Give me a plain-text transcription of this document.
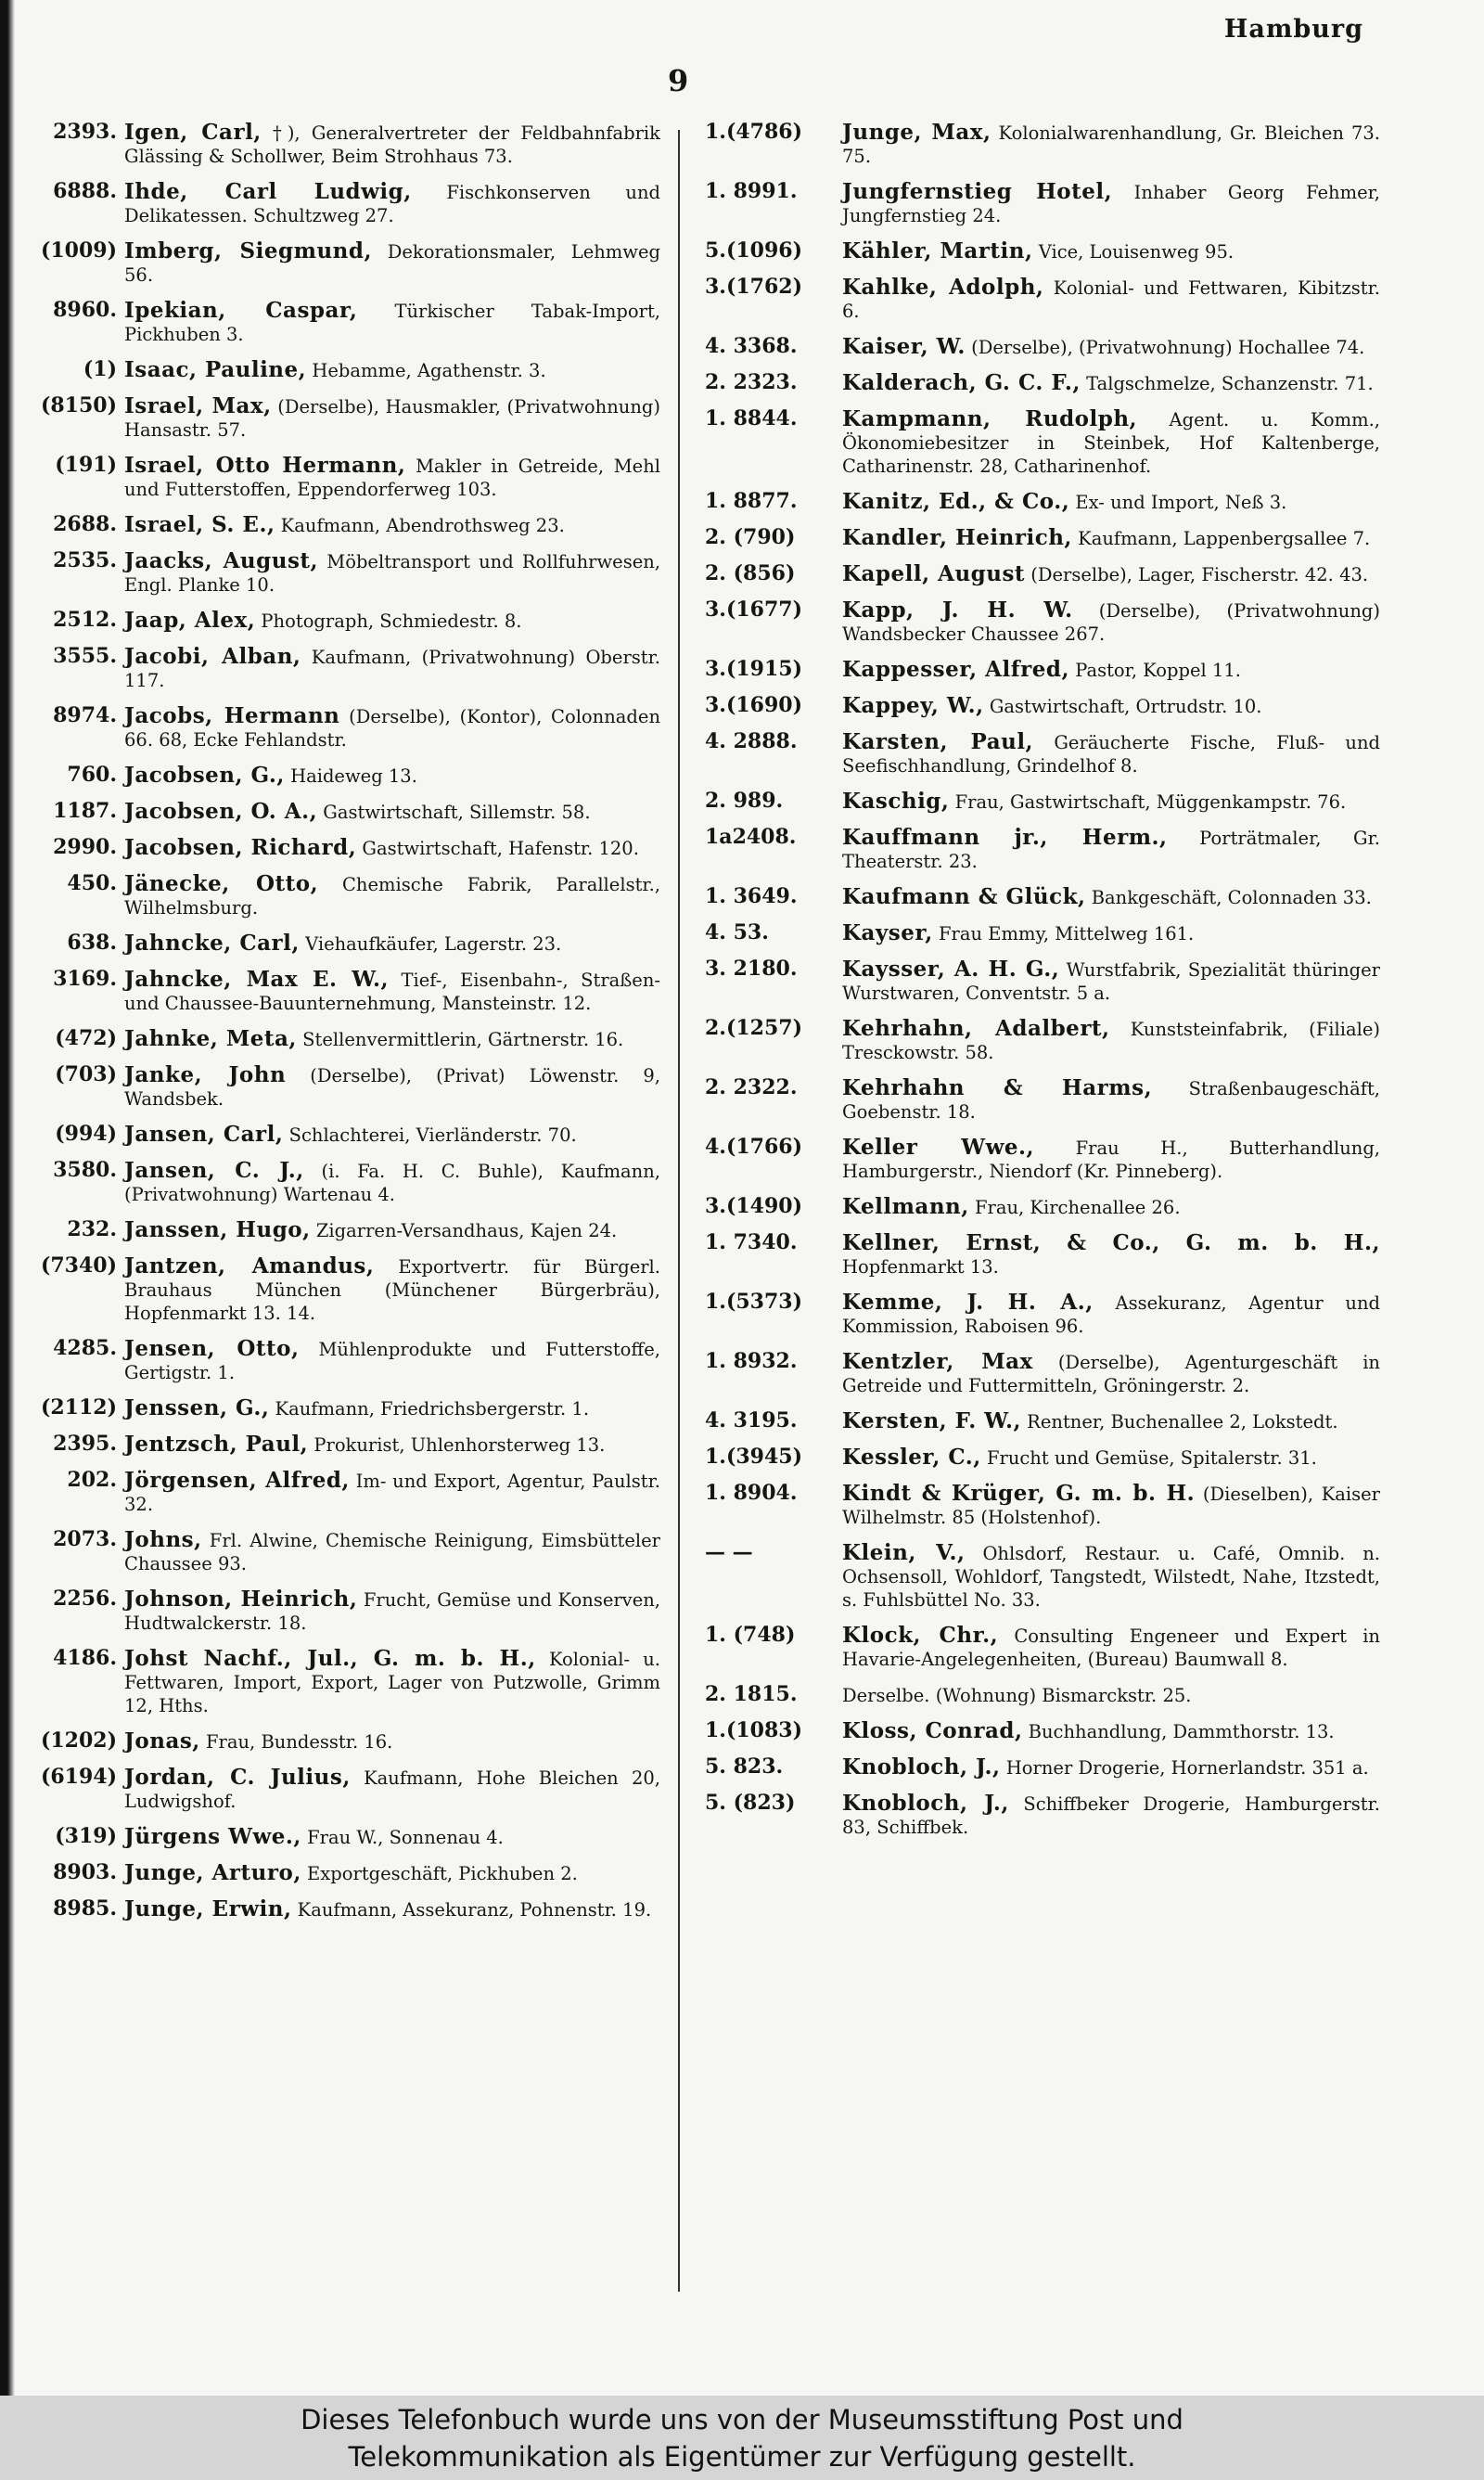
Hamburg
9
2393. Igen, Carl, †), Generalvertreter der Feldbahnfabrik Glässing & Schollwer, Beim Strohhaus 73.
6888. Ihde, Carl Ludwig, Fischkonserven und Delikatessen. Schultzweg 27.
(1009) Imberg, Siegmund, Dekorationsmaler, Lehmweg 56.
8960. Ipekian, Caspar, Türkischer Tabak-Import, Pickhuben 3.
(1) Isaac, Pauline, Hebamme, Agathenstr. 3.
(8150) Israel, Max, (Derselbe), Hausmakler, (Privatwohnung) Hansastr. 57.
(191) Israel, Otto Hermann, Makler in Getreide, Mehl und Futterstoffen, Eppendorferweg 103.
2688. Israel, S. E., Kaufmann, Abendrothsweg 23.
2535. Jaacks, August, Möbeltransport und Rollfuhrwesen, Engl. Planke 10.
2512. Jaap, Alex, Photograph, Schmiedestr. 8.
3555. Jacobi, Alban, Kaufmann, (Privatwohnung) Oberstr. 117.
8974. Jacobs, Hermann (Derselbe), (Kontor), Colonnaden 66. 68, Ecke Fehlandstr.
760. Jacobsen, G., Haideweg 13.
1187. Jacobsen, O. A., Gastwirtschaft, Sillemstr. 58.
2990. Jacobsen, Richard, Gastwirtschaft, Hafenstr. 120.
450. Jänecke, Otto, Chemische Fabrik, Parallelstr., Wilhelmsburg.
638. Jahncke, Carl, Viehaufkäufer, Lagerstr. 23.
3169. Jahncke, Max E. W., Tief-, Eisenbahn-, Straßen- und Chaussee-Bauunternehmung, Mansteinstr. 12.
(472) Jahnke, Meta, Stellenvermittlerin, Gärtnerstr. 16.
(703) Janke, John (Derselbe), (Privat) Löwenstr. 9, Wandsbek.
(994) Jansen, Carl, Schlachterei, Vierländerstr. 70.
3580. Jansen, C. J., (i. Fa. H. C. Buhle), Kaufmann, (Privatwohnung) Wartenau 4.
232. Janssen, Hugo, Zigarren-Versandhaus, Kajen 24.
(7340) Jantzen, Amandus, Exportvertr. für Bürgerl. Brauhaus München (Münchener Bürgerbräu), Hopfenmarkt 13. 14.
4285. Jensen, Otto, Mühlenprodukte und Futterstoffe, Gertigstr. 1.
(2112) Jenssen, G., Kaufmann, Friedrichsbergerstr. 1.
2395. Jentzsch, Paul, Prokurist, Uhlenhorsterweg 13.
202. Jörgensen, Alfred, Im- und Export, Agentur, Paulstr. 32.
2073. Johns, Frl. Alwine, Chemische Reinigung, Eimsbütteler Chaussee 93.
2256. Johnson, Heinrich, Frucht, Gemüse und Konserven, Hudtwalckerstr. 18.
4186. Johst Nachf., Jul., G. m. b. H., Kolonial- u. Fettwaren, Import, Export, Lager von Putzwolle, Grimm 12, Hths.
(1202) Jonas, Frau, Bundesstr. 16.
(6194) Jordan, C. Julius, Kaufmann, Hohe Bleichen 20, Ludwigshof.
(319) Jürgens Wwe., Frau W., Sonnenau 4.
8903. Junge, Arturo, Exportgeschäft, Pickhuben 2.
8985. Junge, Erwin, Kaufmann, Assekuranz, Pohnenstr. 19.
1.(4786)	Junge, Max, Kolonialwarenhandlung, Gr. Bleichen 73. 75.
1. 8991.	Jungfernstieg Hotel, Inhaber Georg Fehmer, Jungfernstieg 24.
5.(1096)	Kähler, Martin, Vice, Louisenweg 95.
3.(1762)	Kahlke, Adolph, Kolonial- und Fettwaren, Kibitzstr. 6.
4. 3368.	Kaiser, W. (Derselbe), (Privatwohnung) Hochallee 74.
2. 2323.	Kalderach, G. C. F., Talgschmelze, Schanzenstr. 71.
1. 8844.	Kampmann, Rudolph, Agent. u. Komm., Ökonomiebesitzer in Steinbek, Hof Kaltenberge, Catharinenstr. 28, Catharinenhof.
1. 8877.	Kanitz, Ed., & Co., Ex- und Import, Neß 3.
2. (790)	Kandler, Heinrich, Kaufmann, Lappenbergsallee 7.
2. (856)	Kapell, August (Derselbe), Lager, Fischerstr. 42. 43.
3.(1677)	Kapp, J. H. W. (Derselbe), (Privatwohnung) Wandsbecker Chaussee 267.
3.(1915)	Kappesser, Alfred, Pastor, Koppel 11.
3.(1690)	Kappey, W., Gastwirtschaft, Ortrudstr. 10.
4. 2888.	Karsten, Paul, Geräucherte Fische, Fluß- und Seefischhandlung, Grindelhof 8.
2. 989.	Kaschig, Frau, Gastwirtschaft, Müggenkampstr. 76.
1a2408.	Kauffmann jr., Herm., Porträtmaler, Gr. Theaterstr. 23.
1. 3649.	Kaufmann & Glück, Bankgeschäft, Colonnaden 33.
4. 53.	Kayser, Frau Emmy, Mittelweg 161.
3. 2180.	Kaysser, A. H. G., Wurstfabrik, Spezialität thüringer Wurstwaren, Conventstr. 5 a.
2.(1257)	Kehrhahn, Adalbert, Kunststeinfabrik, (Filiale) Tresckowstr. 58.
2. 2322.	Kehrhahn & Harms, Straßenbaugeschäft, Goebenstr. 18.
4.(1766)	Keller Wwe., Frau H., Butterhandlung, Hamburgerstr., Niendorf (Kr. Pinneberg).
3.(1490)	Kellmann, Frau, Kirchenallee 26.
1. 7340.	Kellner, Ernst, & Co., G. m. b. H., Hopfenmarkt 13.
1.(5373)	Kemme, J. H. A., Assekuranz, Agentur und Kommission, Raboisen 96.
1. 8932.	Kentzler, Max (Derselbe), Agenturgeschäft in Getreide und Futtermitteln, Gröningerstr. 2.
4. 3195.	Kersten, F. W., Rentner, Buchenallee 2, Lokstedt.
1.(3945)	Kessler, C., Frucht und Gemüse, Spitalerstr. 31.
1. 8904.	Kindt & Krüger, G. m. b. H. (Dieselben), Kaiser Wilhelmstr. 85 (Holstenhof).
— —	Klein, V., Ohlsdorf, Restaur. u. Café, Omnib. n. Ochsensoll, Wohldorf, Tangstedt, Wilstedt, Nahe, Itzstedt, s. Fuhlsbüttel No. 33.
1. (748)	Klock, Chr., Consulting Engeneer und Expert in Havarie-Angelegenheiten, (Bureau) Baumwall 8.
2. 1815.	Derselbe. (Wohnung) Bismarckstr. 25.
1.(1083)	Kloss, Conrad, Buchhandlung, Dammthorstr. 13.
5. 823.	Knobloch, J., Horner Drogerie, Hornerlandstr. 351 a.
5. (823)	Knobloch, J., Schiffbeker Drogerie, Hamburgerstr. 83, Schiffbek.
Dieses Telefonbuch wurde uns von der Museumsstiftung Post und
Telekommunikation als Eigentümer zur Verfügung gestellt.
